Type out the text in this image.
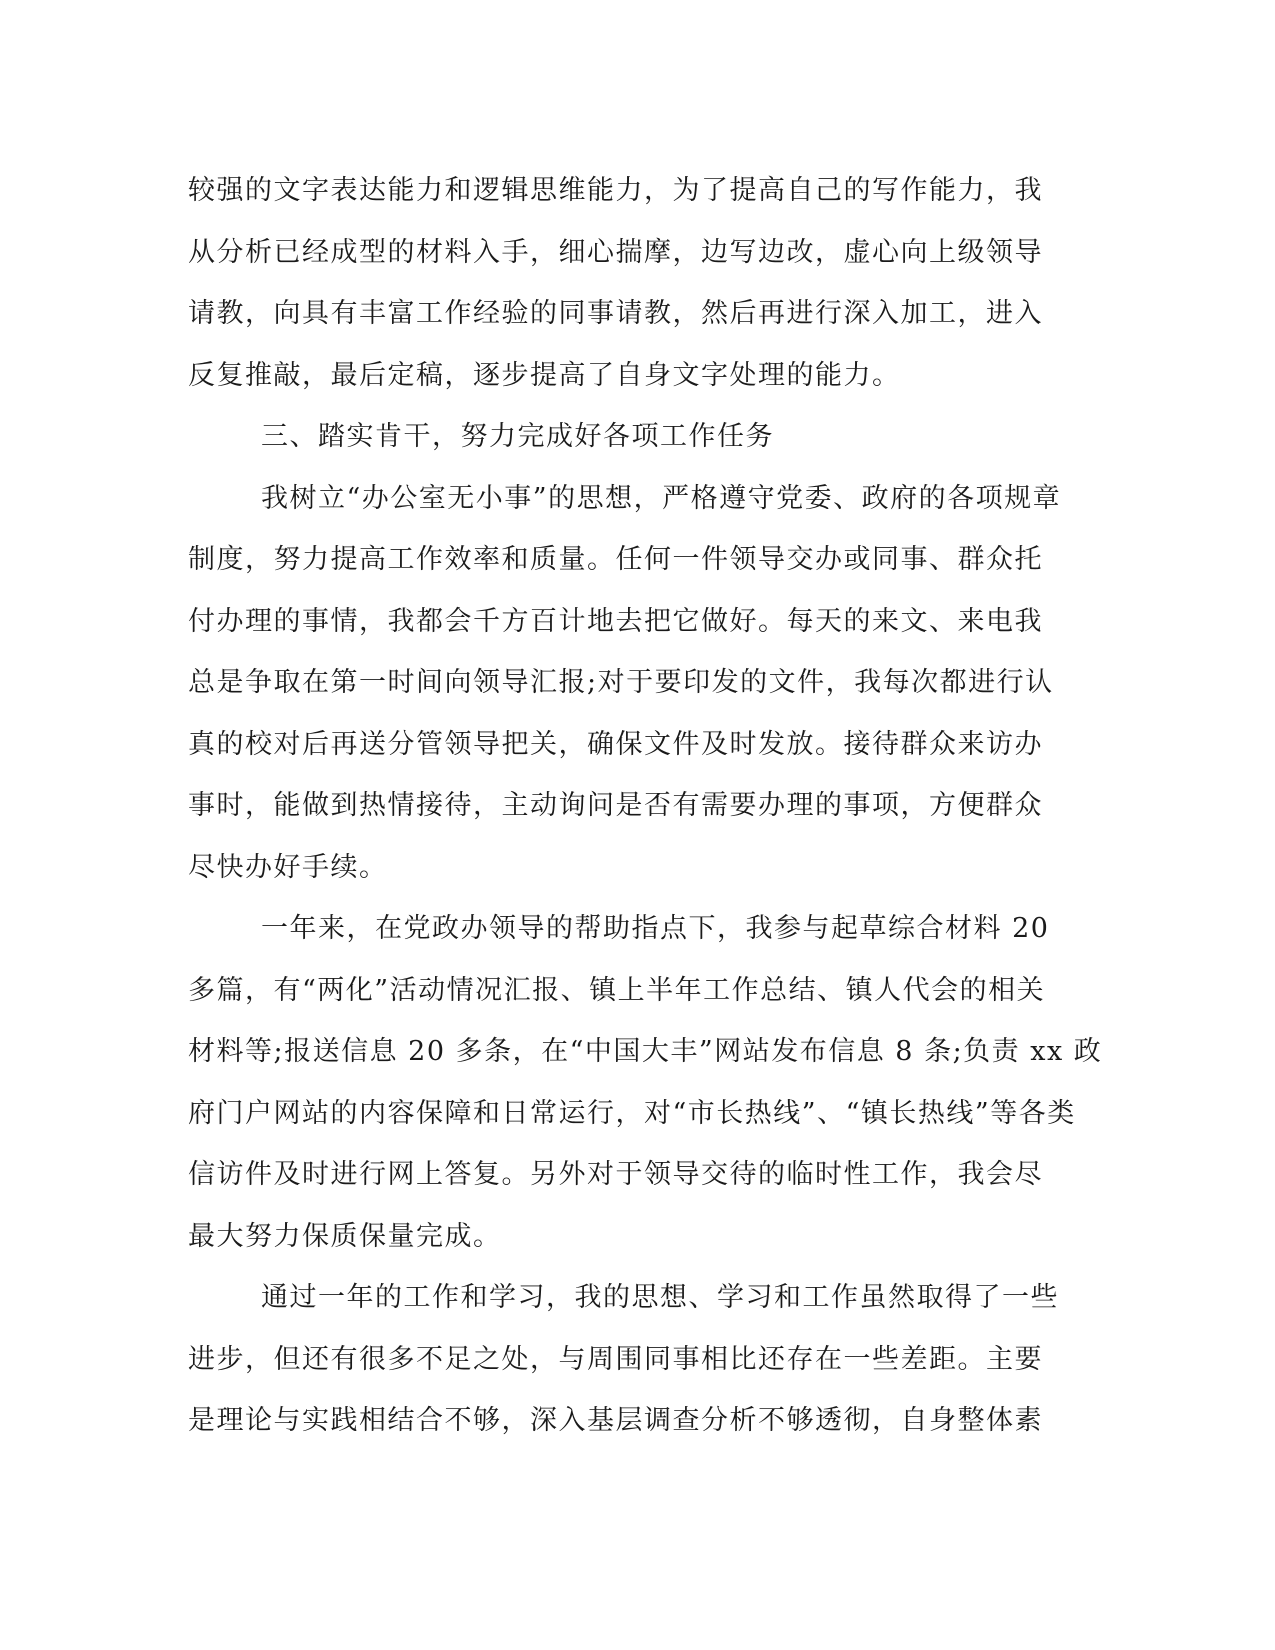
较强的文字表达能力和逻辑思维能力，为了提高自己的写作能力，我
从分析已经成型的材料入手，细心揣摩，边写边改，虚心向上级领导
请教，向具有丰富工作经验的同事请教，然后再进行深入加工，进入
反复推敲，最后定稿，逐步提高了自身文字处理的能力。
三、踏实肯干，努力完成好各项工作任务
我树立“办公室无小事”的思想，严格遵守党委、政府的各项规章
制度，努力提高工作效率和质量。任何一件领导交办或同事、群众托
付办理的事情，我都会千方百计地去把它做好。每天的来文、来电我
总是争取在第一时间向领导汇报;对于要印发的文件，我每次都进行认
真的校对后再送分管领导把关，确保文件及时发放。接待群众来访办
事时，能做到热情接待，主动询问是否有需要办理的事项，方便群众
尽快办好手续。
一年来，在党政办领导的帮助指点下，我参与起草综合材料 20
多篇，有“两化”活动情况汇报、镇上半年工作总结、镇人代会的相关
材料等;报送信息 20 多条，在“中国大丰”网站发布信息 8 条;负责 xx 政
府门户网站的内容保障和日常运行，对“市长热线”、“镇长热线”等各类
信访件及时进行网上答复。另外对于领导交待的临时性工作，我会尽
最大努力保质保量完成。
通过一年的工作和学习，我的思想、学习和工作虽然取得了一些
进步，但还有很多不足之处，与周围同事相比还存在一些差距。主要
是理论与实践相结合不够，深入基层调查分析不够透彻，自身整体素
